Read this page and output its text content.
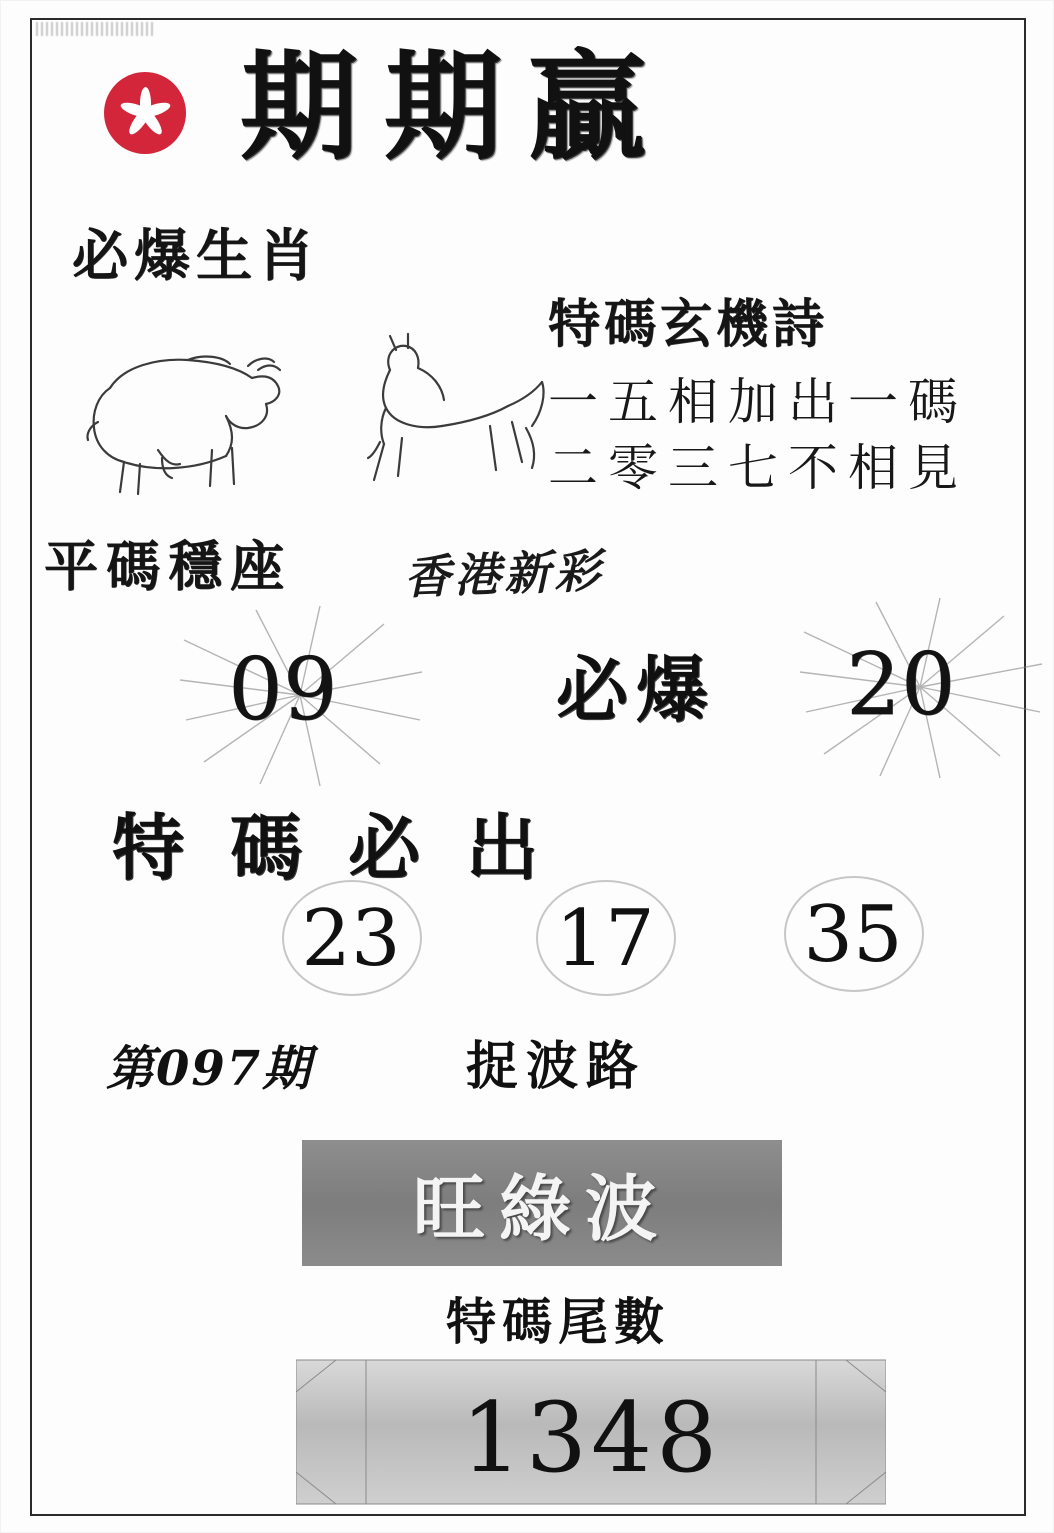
期期贏
必爆生肖
特碼玄機詩
一五相加出一碼
二零三七不相見
平碼穩座 香港新彩
09	必爆 20
特碼必出
23	17	35
第097期	捉波路
旺綠波
特碼尾數
1348
